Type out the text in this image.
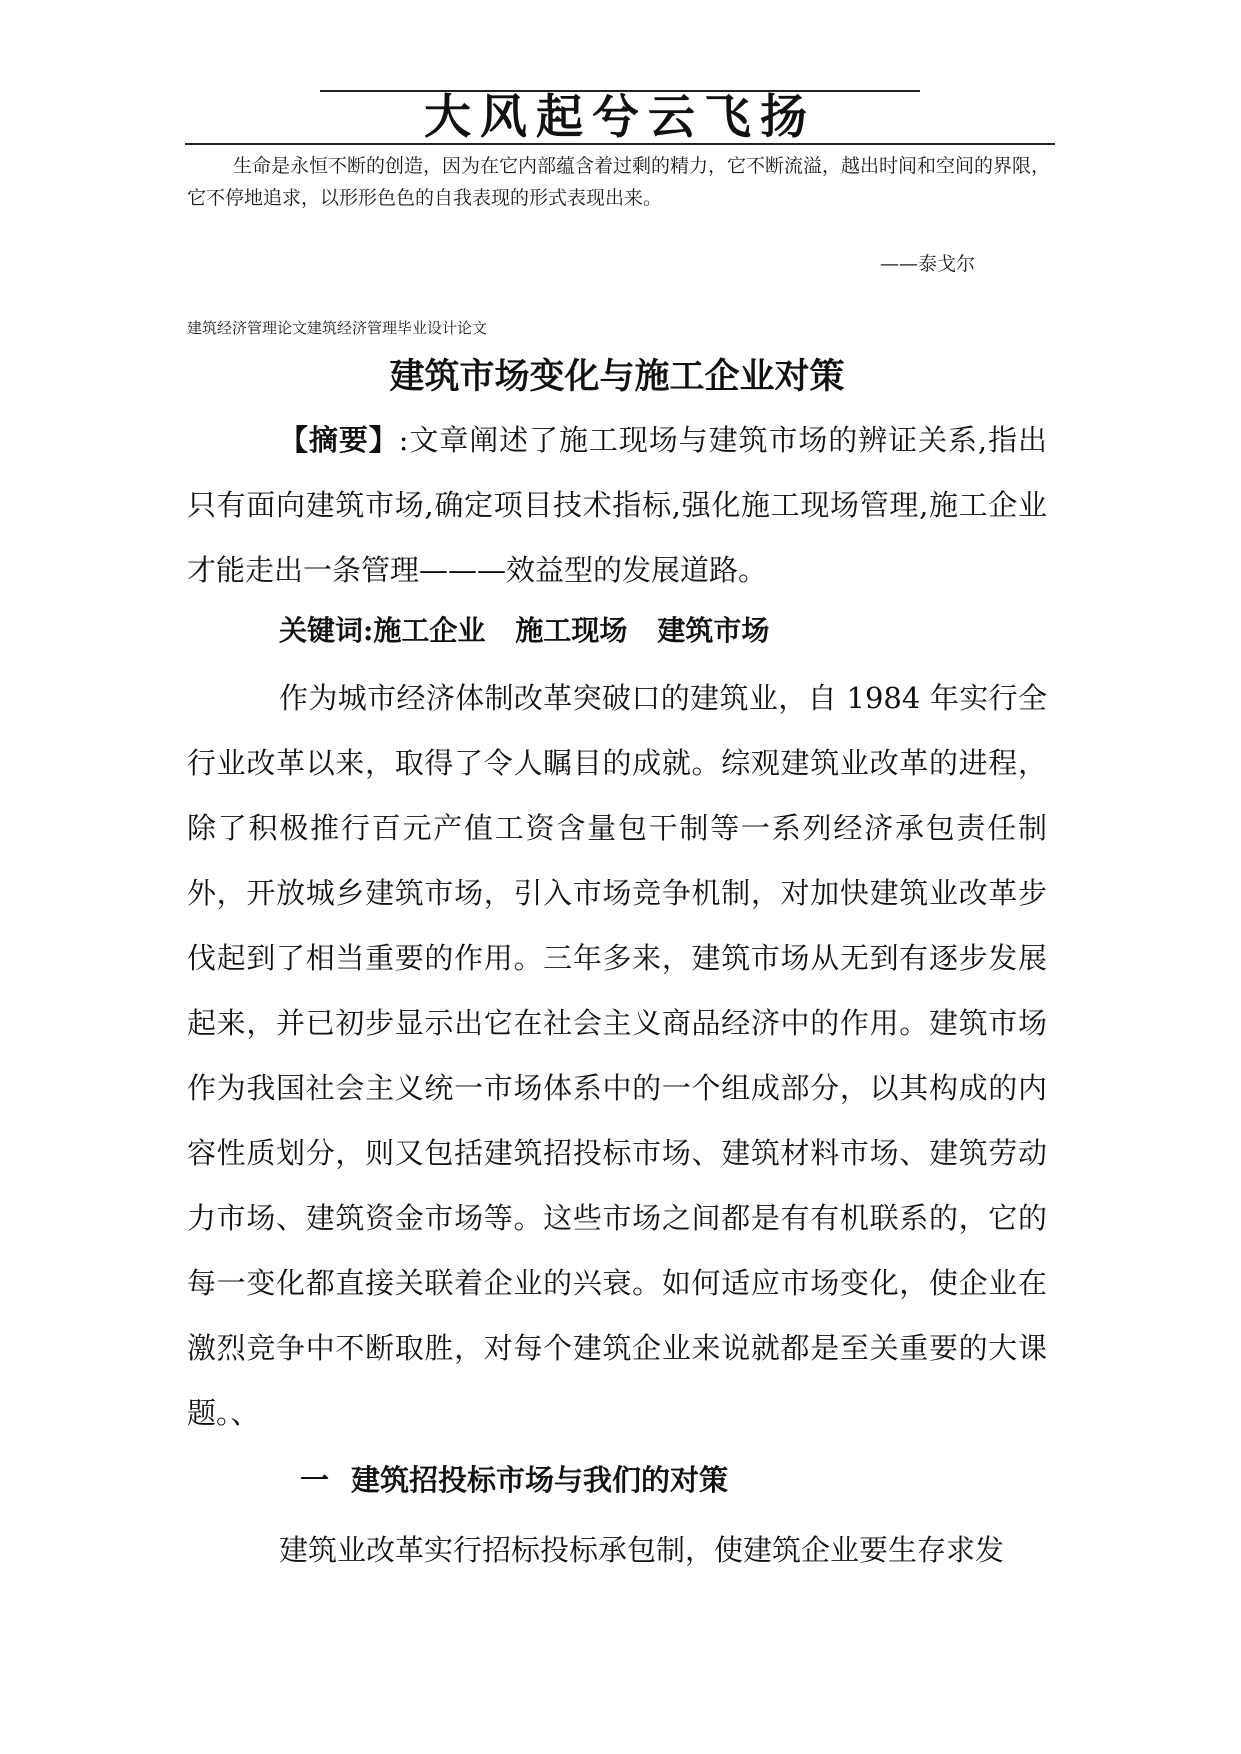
大风起兮云飞扬

生命是永恒不断的创造，因为在它内部蕴含着过剩的精力，它不断流溢，越出时间和空间的界限，它不停地追求，以形形色色的自我表现的形式表现出来。

——泰戈尔
建筑经济管理论文建筑经济管理毕业设计论文
建筑市场变化与施工企业对策

【摘要】:文章阐述了施工现场与建筑市场的辨证关系,指出只有面向建筑市场,确定项目技术指标,强化施工现场管理,施工企业才能走出一条管理———效益型的发展道路。

关键词:施工企业 施工现场 建筑市场

作为城市经济体制改革突破口的建筑业，自 1984 年实行全行业改革以来，取得了令人瞩目的成就。综观建筑业改革的进程，除了积极推行百元产值工资含量包干制等一系列经济承包责任制外，开放城乡建筑市场，引入市场竞争机制，对加快建筑业改革步伐起到了相当重要的作用。三年多来，建筑市场从无到有逐步发展起来，并已初步显示出它在社会主义商品经济中的作用。建筑市场作为我国社会主义统一市场体系中的一个组成部分，以其构成的内容性质划分，则又包括建筑招投标市场、建筑材料市场、建筑劳动力市场、建筑资金市场等。这些市场之间都是有有机联系的，它的每一变化都直接关联着企业的兴衰。如何适应市场变化，使企业在激烈竞争中不断取胜，对每个建筑企业来说就都是至关重要的大课题。、

一 建筑招投标市场与我们的对策

建筑业改革实行招标投标承包制，使建筑企业要生存求发
